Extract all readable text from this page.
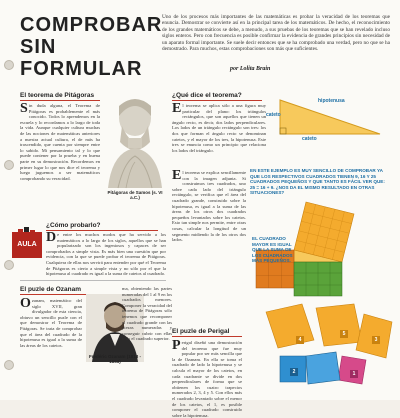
COMPROBAR
SIN FORMULAR
Uno de los procesos más importantes de las matemáticas es probar la veracidad de los teoremas que enuncia. Demostrar se convierte así en la principal tarea de los matemáticos. De hecho, el reconocimiento de los grandes matemáticos se debe, a menudo, a sus pruebas de los teoremas que se han revelado incluso siglos enteros. Pero con frecuencia es posible confirmar la evidencia de grandes principios sin necesidad de un aparato formal importante. Se suele decir entonces que se ha comprobado una verdad, pero no que se ha demostrado. Para muchos, estas comprobaciones son más que suficientes.
por Lolita Brain
El teorema de Pitágoras
Sin duda alguna, el Teorema de Pitágoras es probablemente el más conocido. Todos lo aprendemos en la escuela y lo recordamos a lo largo de toda la vida. Aunque cualquier cultura muchas de las nociones de matemáticas anteriores a nuestra actual cultura, el de más ha trascendido, que cuenta por siempre entre lo sabido. Mi pensamiento tal y lo que puede contener por la prueba y en buena parte en su demostración. Recordemos en primer lugar lo que nos dice el teorema y luego juguemos a ser matemáticos comprobando su veracidad.
Pitágoras de Samos (s. VI a.C.)
¿Qué dice el teorema?
El teorema se aplica sólo a una figura muy particular del plano: los triángulos rectángulos, que son aquellos que tienen un ángulo recto, es decir, dos lados perpendiculares. Los lados de un triángulo rectángulo son tres: los dos que forman el ángulo recto se denominan catetos, y el mayor de los tres, la hipotenusa. Este tres se enuncia como un principio que relaciona los lados del triángulo.
hipotenusa
cateto
cateto
El teorema se explica sencillamente con la imagen adjunta. Si construimos tres cuadrados, uno sobre cada lado del triángulo rectángulo, se verifica que el área del cuadrado grande, construido sobre la hipotenusa, es igual a la suma de las áreas de los otros dos cuadrados pequeños levantados sobre los catetos. Esto tan simple nos permite, entre otras cosas, calcular la longitud de un segmento midiendo la de los otros dos lados.
EN ESTE EJEMPLO ES MUY SENCILLO DE COMPROBAR YA QUE LOS RESPECTIVOS CUADRADOS TIENEN 9, 16 Y 25 CUADRADOS PEQUEÑOS Y QUE TANTO ES FÁCIL VER QUE: 25 = 16 + 9. ¿NOS DA EL MISMO RESULTADO EN OTRAS SITUACIONES?
EL CUADRADO MAYOR ES IGUAL QUE LA SUMA DE LOS CUADRADOS MÁS PEQUEÑOS.
AULA
¿Cómo probarlo?
De entre los muchos modos que ha servido a los matemáticos a lo largo de los siglos, aquellos que se han popularizado son los ingeniosos y capaces de ser comprobados a simple vista. Es más bien una cuestión que por evidencia, con la que se puede probar el teorema de Pitágoras. Cualquiera de ellas nos servirá para entender por qué el Teorema de Pitágoras es cierto a simple vista y no sólo por el que la hipotenusa al cuadrado es igual a la suma de catetos al cuadrado.
El puzle de Ozanam
Ozanam, matemático del siglo XVII, gran divulgador de esta ciencia, obtuvo un sencillo puzle con el que demostrar el Teorema de Pitágoras. Se trata de comprobar que el área del cuadrado de la hipotenusa es igual a la suma de las áreas de los catetos.
Frédéric Ozanam (1813 - 1853)
ma, obteniendo las partes numeradas del 1 al 9 en los cuadrados menores. Componer la veracidad del teorema de Pitágoras sólo tenemos que recomponer el cuadrado grande con las piezas numeradas y conseguir cubrir con ellas todo el cuadrado superior.
El puzle de Perigal
Perigal diseñó una demostración del teorema que fue muy popular por ser más sencilla que la de Ozanam. En ella se toma el cuadrado de lado la hipotenusa y se calcula el mayor de los catetos, en cada cuadrante se divide en dos perpendiculares de forma que se obtienen los cuatro trapecios numerados 2, 3, 4 y 5. Con ellos más el cuadrado levantado sobre el menor de los catetos, el 1, es posible componer el cuadrado construido sobre la hipotenusa.
4
5
3
2	1
